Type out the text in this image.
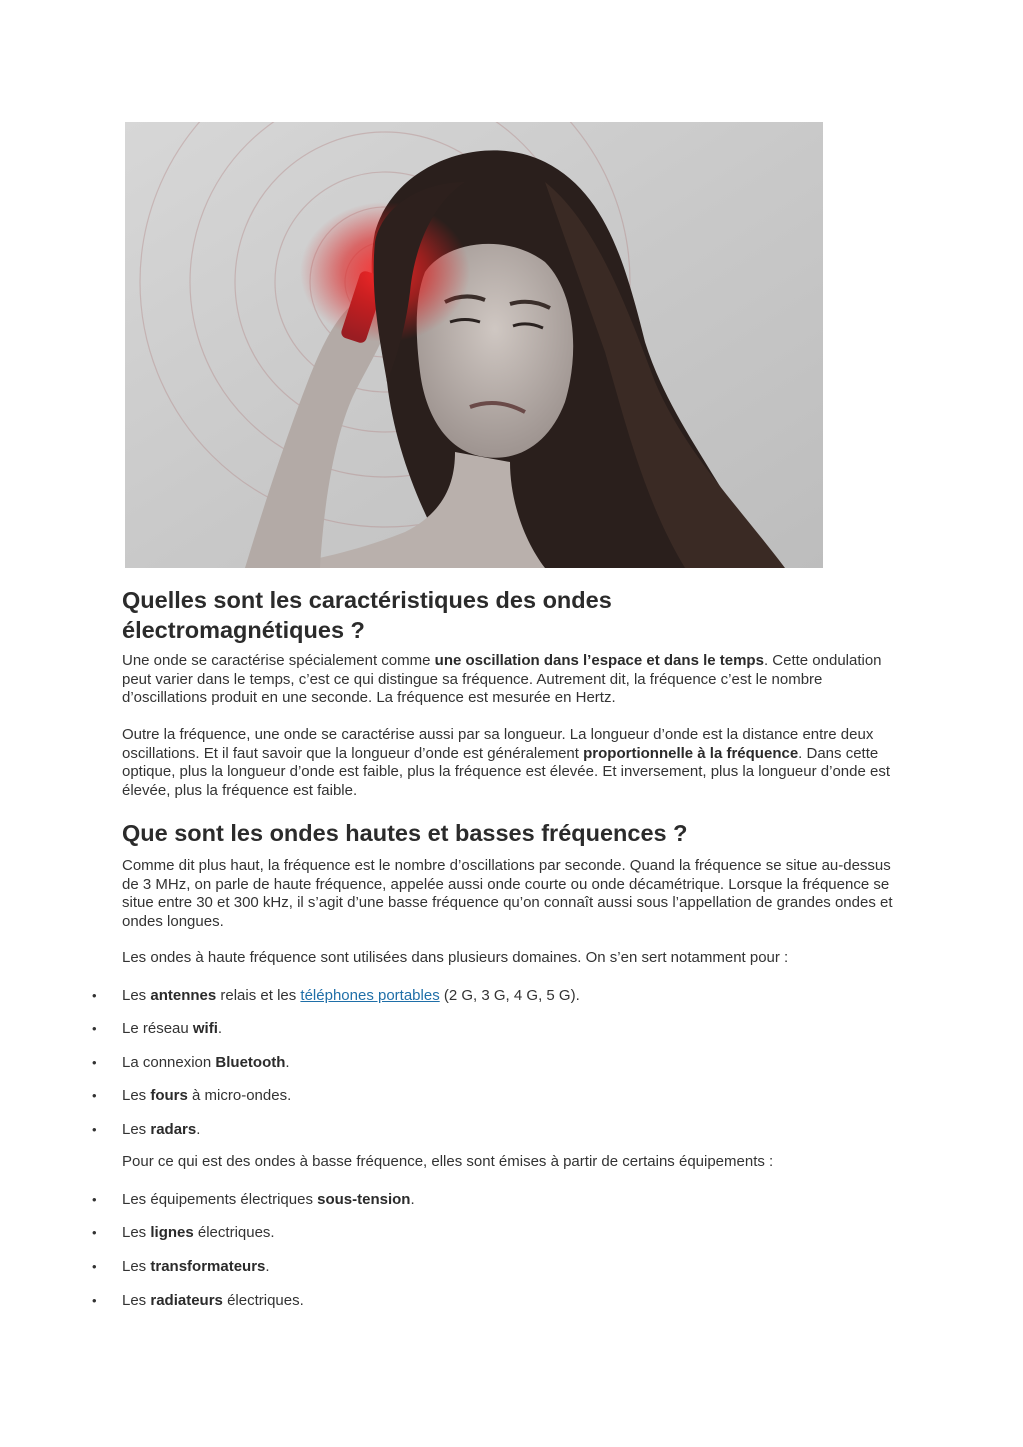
Quelles sont les caractéristiques des ondes électromagnétiques ?

Une onde se caractérise spécialement comme une oscillation dans l’espace et dans le temps. Cette ondulation peut varier dans le temps, c’est ce qui distingue sa fréquence. Autrement dit, la fréquence c’est le nombre d’oscillations produit en une seconde. La fréquence est mesurée en Hertz.

Outre la fréquence, une onde se caractérise aussi par sa longueur. La longueur d’onde est la distance entre deux oscillations. Et il faut savoir que la longueur d’onde est généralement proportionnelle à la fréquence. Dans cette optique, plus la longueur d’onde est faible, plus la fréquence est élevée. Et inversement, plus la longueur d’onde est élevée, plus la fréquence est faible.

Que sont les ondes hautes et basses fréquences ?

Comme dit plus haut, la fréquence est le nombre d’oscillations par seconde. Quand la fréquence se situe au-dessus de 3 MHz, on parle de haute fréquence, appelée aussi onde courte ou onde décamétrique. Lorsque la fréquence se situe entre 30 et 300 kHz, il s’agit d’une basse fréquence qu’on connaît aussi sous l’appellation de grandes ondes et ondes longues.

Les ondes à haute fréquence sont utilisées dans plusieurs domaines. On s’en sert notamment pour :

• Les antennes relais et les téléphones portables (2 G, 3 G, 4 G, 5 G).
• Le réseau wifi.
• La connexion Bluetooth.
• Les fours à micro-ondes.
• Les radars.

Pour ce qui est des ondes à basse fréquence, elles sont émises à partir de certains équipements :

• Les équipements électriques sous-tension.
• Les lignes électriques.
• Les transformateurs.
• Les radiateurs électriques.
